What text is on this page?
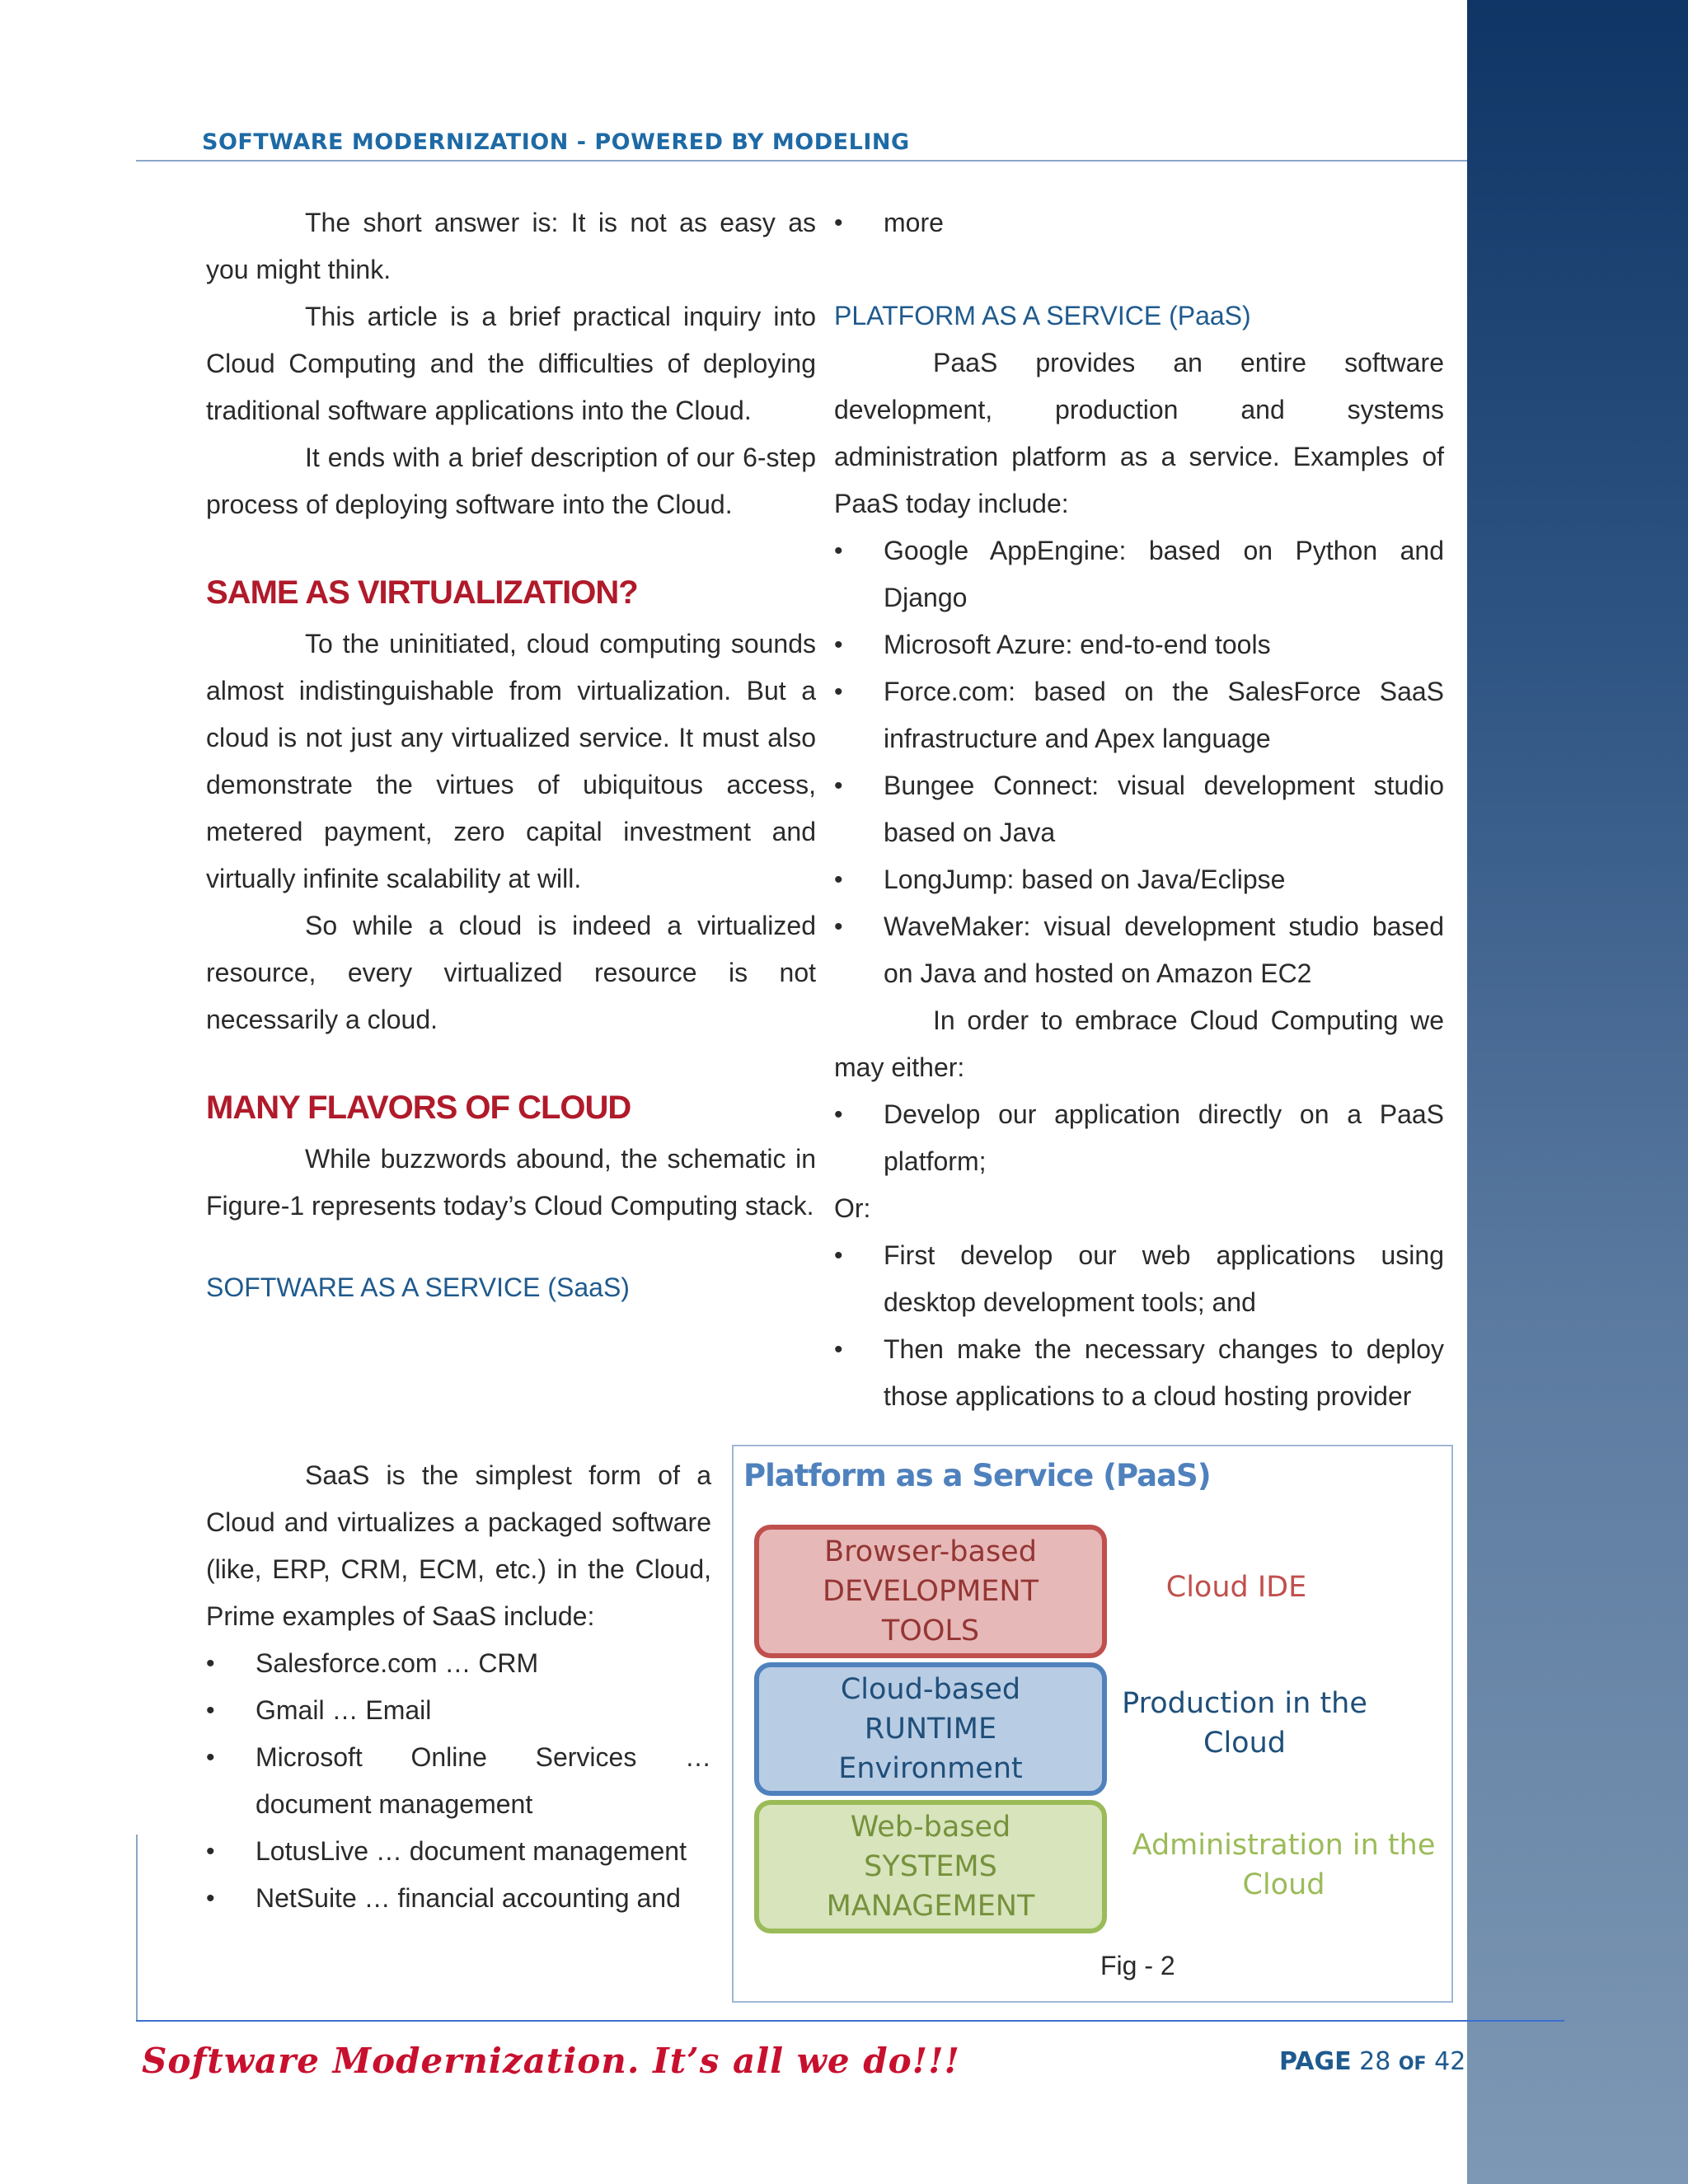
SOFTWARE MODERNIZATION - POWERED BY MODELING

The short answer is: It is not as easy as you might think.

This article is a brief practical inquiry into Cloud Computing and the difficulties of deploying traditional software applications into the Cloud.

It ends with a brief description of our 6-step process of deploying software into the Cloud.

SAME AS VIRTUALIZATION?

To the uninitiated, cloud computing sounds almost indistinguishable from virtualization. But a cloud is not just any virtualized service. It must also demonstrate the virtues of ubiquitous access, metered payment, zero capital investment and virtually infinite scalability at will.

So while a cloud is indeed a virtualized resource, every virtualized resource is not necessarily a cloud.

MANY FLAVORS OF CLOUD

While buzzwords abound, the schematic in Figure-1 represents today’s Cloud Computing stack.

SOFTWARE AS A SERVICE (SaaS)

SaaS is the simplest form of a Cloud and virtualizes a packaged software (like, ERP, CRM, ECM, etc.) in the Cloud, Prime examples of SaaS include:

• Salesforce.com … CRM
• Gmail … Email
• Microsoft Online Services … document management
• LotusLive … document management
• NetSuite … financial accounting and
• more
PLATFORM AS A SERVICE (PaaS)

PaaS provides an entire software development, production and systems administration platform as a service. Examples of PaaS today include:

• Google AppEngine: based on Python and Django
• Microsoft Azure: end-to-end tools
• Force.com: based on the SalesForce SaaS infrastructure and Apex language
• Bungee Connect: visual development studio based on Java
• LongJump: based on Java/Eclipse
• WaveMaker: visual development studio based on Java and hosted on Amazon EC2

In order to embrace Cloud Computing we may either:

• Develop our application directly on a PaaS platform;

Or:

• First develop our web applications using desktop development tools; and
• Then make the necessary changes to deploy those applications to a cloud hosting provider
Platform as a Service (PaaS)
Browser-based
DEVELOPMENT
TOOLS
Cloud-based
RUNTIME
Environment
Web-based
SYSTEMS
MANAGEMENT
Cloud IDE
Production in the
Cloud
Administration in the
Cloud
Fig - 2
Software Modernization. It’s all we do!!!	PAGE 28 OF 42
